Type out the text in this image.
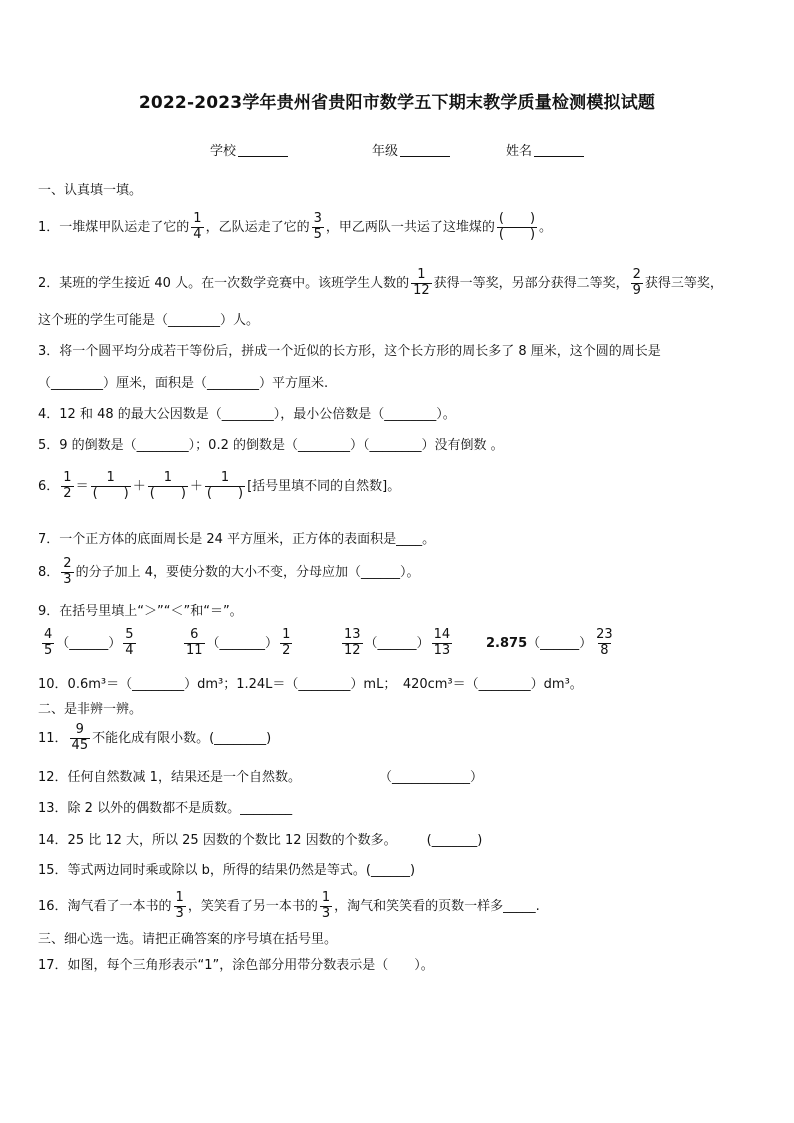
2022-2023学年贵州省贵阳市数学五下期末教学质量检测模拟试题
学校	年级	姓名
一、认真填一填。
1．一堆煤甲队运走了它的 $\frac{1}{4}$ ，乙队运走了它的 $\frac{3}{5}$ ，甲乙两队一共运了这堆煤的 $\frac{( )}{( )}$ 。
2．某班的学生接近 40 人。在一次数学竞赛中。该班学生人数的 $\frac{1}{12}$ 获得一等奖，另部分获得二等奖， $\frac{2}{9}$ 获得三等奖，
这个班的学生可能是（________）人。
3．将一个圆平均分成若干等份后，拼成一个近似的长方形，这个长方形的周长多了 8 厘米，这个圆的周长是
（________）厘米，面积是（________）平方厘米.
4．12 和 48 的最大公因数是（________），最小公倍数是（________）。
5．9 的倒数是（________）；0.2 的倒数是（________）（________）没有倒数 。
6． $\frac{1}{2} = \frac{1}{( )} + \frac{1}{( )} + \frac{1}{( )}$ [括号里填不同的自然数]。
7．一个正方体的底面周长是 24 平方厘米，正方体的表面积是____。
8． $\frac{2}{3}$ 的分子加上 4，要使分数的大小不变，分母应加（______）。
9．在括号里填上“＞”“＜”和“＝”。
$\frac{4}{5}$ （______） $\frac{5}{4}$	$\frac{6}{11}$ （_______） $\frac{1}{2}$	$\frac{13}{12}$ （______） $\frac{14}{13}$	2.875（______） $\frac{23}{8}$
10．0.6m³＝（________）dm³；1.24L＝（________）mL；　420cm³＝（________）dm³。
二、是非辨一辨。
11． $\frac{9}{45}$ 不能化成有限小数。(________)
12．任何自然数减 1，结果还是一个自然数。	（____________）
13．除 2 以外的偶数都不是质数。________
14．25 比 12 大，所以 25 因数的个数比 12 因数的个数多。 (_______)
15．等式两边同时乘或除以 b，所得的结果仍然是等式。(______)
16．淘气看了一本书的 $\frac{1}{3}$ ，笑笑看了另一本书的 $\frac{1}{3}$ ，淘气和笑笑看的页数一样多_____.
三、细心选一选。请把正确答案的序号填在括号里。
17．如图，每个三角形表示“1”，涂色部分用带分数表示是（　　）。
